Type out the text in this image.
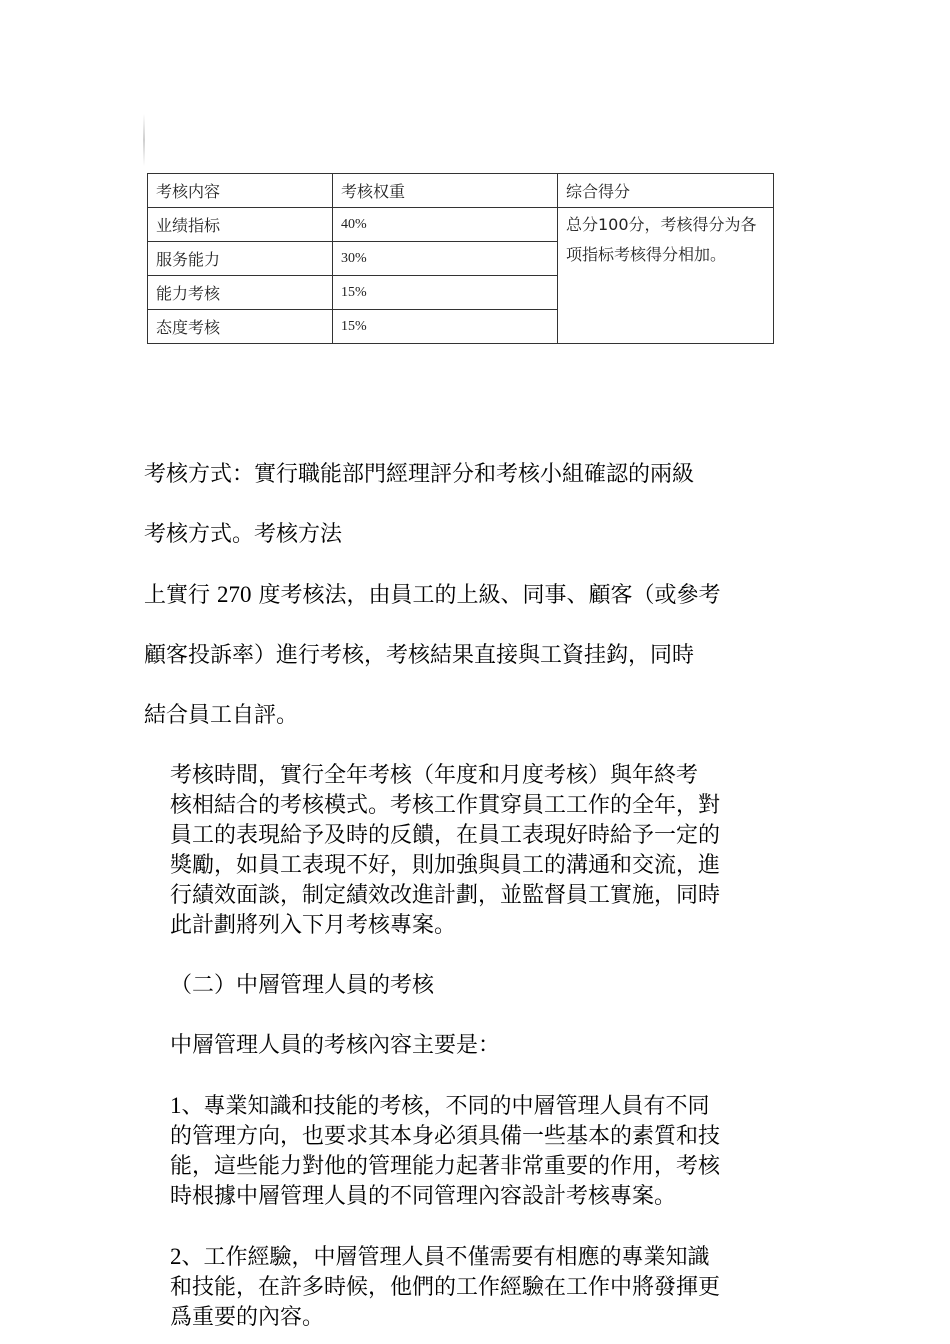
考核内容	考核权重	综合得分
业绩指标	40%	总分100分，考核得分为各
项指标考核得分相加。
服务能力	30%	
能力考核	15%	
态度考核	15%	

考核方式：實行職能部門經理評分和考核小組確認的兩級

考核方式。考核方法

上實行 270 度考核法，由員工的上級、同事、顧客（或參考

顧客投訴率）進行考核，考核結果直接與工資挂鈎，同時

結合員工自評。

考核時間，實行全年考核（年度和月度考核）與年終考
核相結合的考核模式。考核工作貫穿員工工作的全年，對
員工的表現給予及時的反饋，在員工表現好時給予一定的
獎勵，如員工表現不好，則加強與員工的溝通和交流，進
行績效面談，制定績效改進計劃，並監督員工實施，同時
此計劃將列入下月考核專案。

（二）中層管理人員的考核

中層管理人員的考核內容主要是：

1、專業知識和技能的考核，不同的中層管理人員有不同
的管理方向，也要求其本身必須具備一些基本的素質和技
能，這些能力對他的管理能力起著非常重要的作用，考核
時根據中層管理人員的不同管理內容設計考核專案。

2、工作經驗，中層管理人員不僅需要有相應的專業知識
和技能，在許多時候，他們的工作經驗在工作中將發揮更
爲重要的內容。
